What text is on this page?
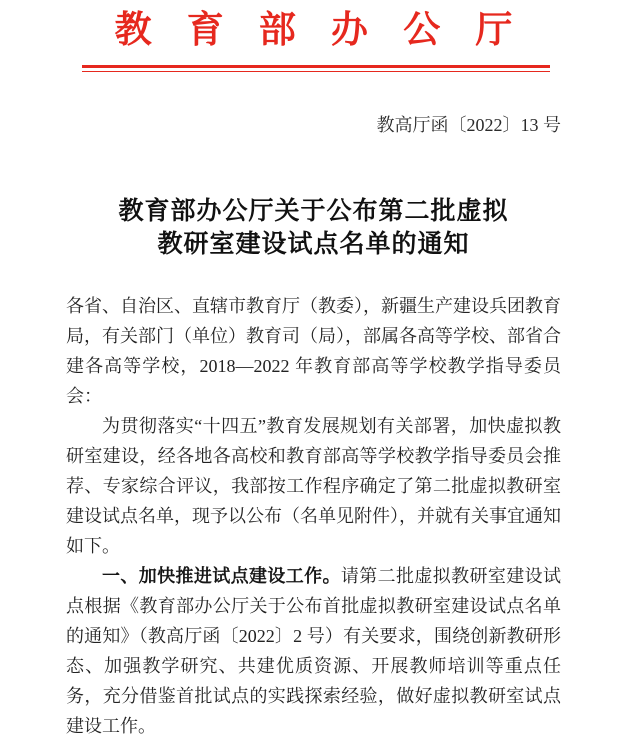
教育部办公厅
教高厅函〔2022〕13 号
教育部办公厅关于公布第二批虚拟
教研室建设试点名单的通知

各省、自治区、直辖市教育厅（教委），新疆生产建设兵团教育局，有关部门（单位）教育司（局），部属各高等学校、部省合建各高等学校，2018—2022 年教育部高等学校教学指导委员会：

为贯彻落实“十四五”教育发展规划有关部署，加快虚拟教研室建设，经各地各高校和教育部高等学校教学指导委员会推荐、专家综合评议，我部按工作程序确定了第二批虚拟教研室建设试点名单，现予以公布（名单见附件），并就有关事宜通知如下。

一、加快推进试点建设工作。请第二批虚拟教研室建设试点根据《教育部办公厅关于公布首批虚拟教研室建设试点名单的通知》（教高厅函〔2022〕2 号）有关要求，围绕创新教研形态、加强教学研究、共建优质资源、开展教师培训等重点任务，充分借鉴首批试点的实践探索经验，做好虚拟教研室试点建设工作。
